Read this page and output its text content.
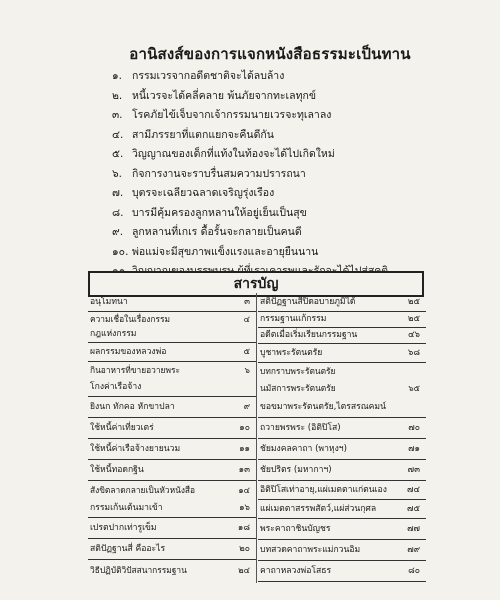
อานิสงส์ของการแจกหนังสือธรรมะเป็นทาน
๑. กรรมเวรจากอดีตชาติจะได้ลบล้าง
๒. หนี้เวรจะได้คลี่คลาย พ้นภัยจากทะเลทุกข์
๓. โรคภัยไข้เจ็บจากเจ้ากรรมนายเวรจะทุเลาลง
๔. สามีภรรยาที่แตกแยกจะคืนดีกัน
๕. วิญญาณของเด็กที่แท้งในท้องจะได้ไปเกิดใหม่
๖. กิจการงานจะราบรื่นสมความปรารถนา
๗. บุตรจะเฉลียวฉลาดเจริญรุ่งเรือง
๘. บารมีคุ้มครองลูกหลานให้อยู่เย็นเป็นสุข
๙. ลูกหลานที่เกเร ดื้อรั้นจะกลายเป็นคนดี
๑๐. พ่อแม่จะมีสุขภาพแข็งแรงและอายุยืนนาน
สารบัญ
อนุโมทนา	๓
ความเชื่อในเรื่องกรรม	๔
กฎแห่งกรรม
ผลกรรมของหลวงพ่อ	๕
กินอาหารที่ขายอวายพระ	๖
โกงค่าเรือจ้าง
ยิงนก ทักคอ หักขาปลา	๙
ใช้หนี้ค่าเที่ยวเตร่	๑๐
ใช้หนี้ค่าเรือจ้างยายนวม	๑๑
ใช้หนี้ทอดกฐิน	๑๓
สังขิตลาดกลายเป็นหัวหนังสือ	๑๔
กรรมเก้นเต้นมาเข้า	๑๖
เปรตปากเท่ารูเข็ม	๑๘
สติปัฏฐานสี่ คืออะไร	๒๐
วิธีปฏิบัติวิปัสสนากรรมฐาน	๒๔
สติปัฏฐานสี่ปิดอบายภูมิได้	๒๕
กรรมฐานแก้กรรม	๒๕
อดีตเมื่อเริ่มเรียนกรรมฐาน	๔๖
บูชาพระรัตนตรัย	๖๘
บทกราบพระรัตนตรัย
นมัสการพระรัตนตรัย	๖๕
ขอขมาพระรัตนตรัย,ไตรสรณคมน์
ถวายพรพระ (อิติปิโส)	๗๐
ชัยมงคลคาถา (พาหุงฯ)	๗๑
ชัยปริตร (มหากาฯ)	๗๓
อิติปิโสเท่าอายุ,แผ่เมตตาแก่ตนเอง	๗๔
แผ่เมตตาสรรพสัตว์,แผ่ส่วนกุศล	๗๕
พระคาถาชินบัญชร	๗๗
บทสวดคาถาพระแม่กวนอิม	๗๙
คาถาหลวงพ่อโสธร	๘๐
